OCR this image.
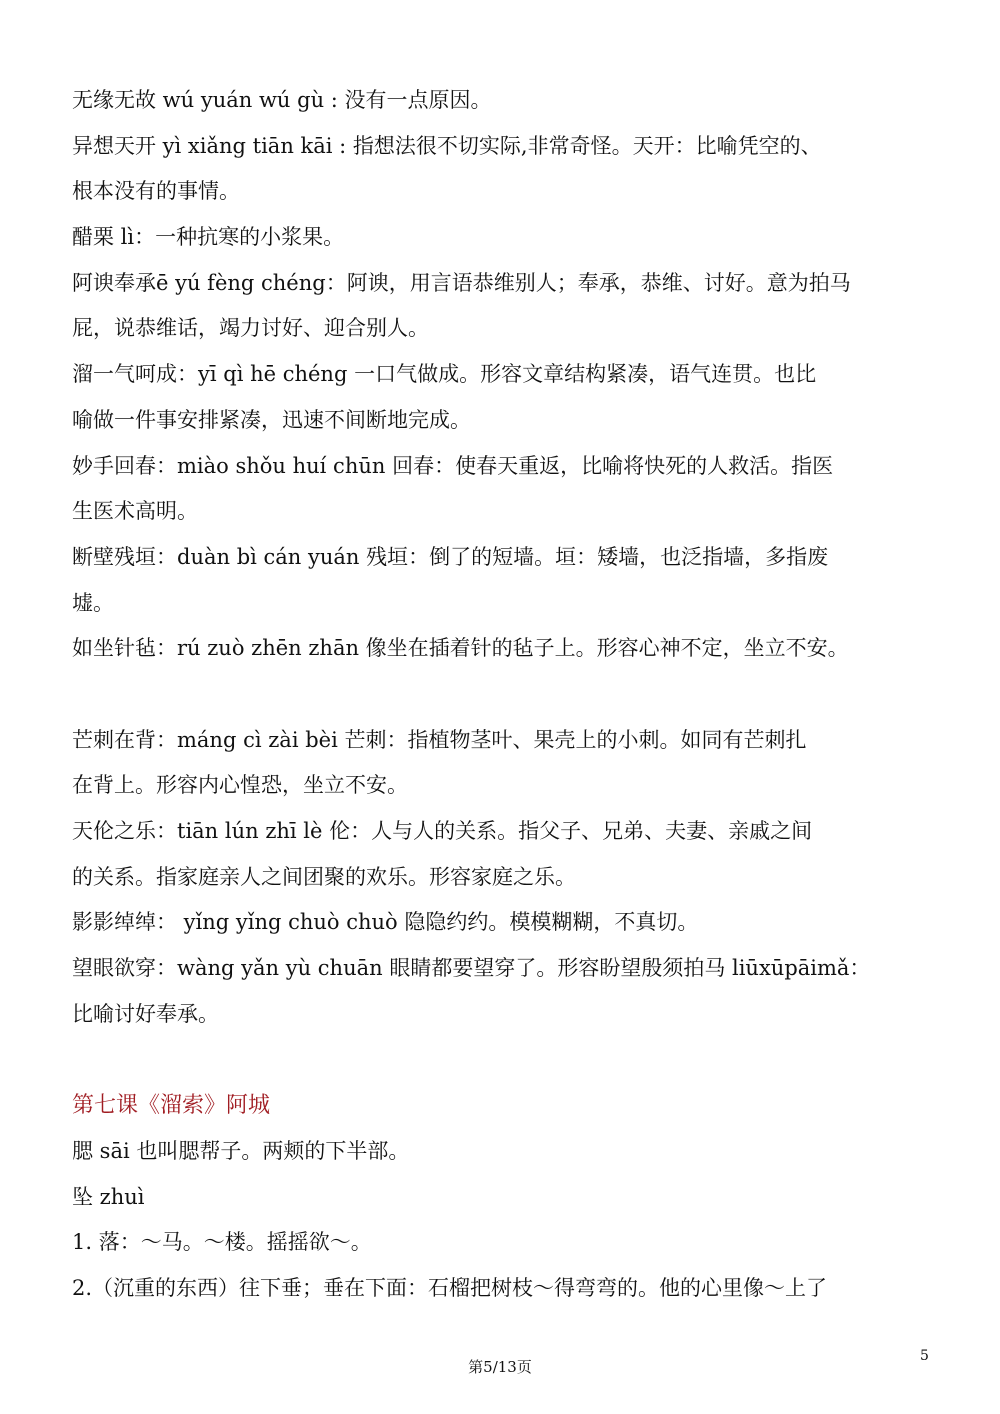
无缘无故 wú yuán wú gù : 没有一点原因。
异想天开 yì xiǎng tiān kāi : 指想法很不切实际,非常奇怪。天开：比喻凭空的、
根本没有的事情。
醋栗 lì：一种抗寒的小浆果。
阿谀奉承ē yú fèng chéng：阿谀，用言语恭维别人；奉承，恭维、讨好。意为拍马
屁，说恭维话，竭力讨好、迎合别人。
溜一气呵成：yī qì hē chéng 一口气做成。形容文章结构紧凑，语气连贯。也比
喻做一件事安排紧凑，迅速不间断地完成。
妙手回春：miào shǒu huí chūn 回春：使春天重返，比喻将快死的人救活。指医
生医术高明。
断壁残垣：duàn bì cán yuán 残垣：倒了的短墙。垣：矮墙，也泛指墙，多指废
墟。
如坐针毡：rú zuò zhēn zhān 像坐在插着针的毡子上。形容心神不定，坐立不安。
芒刺在背：máng cì zài bèi 芒刺：指植物茎叶、果壳上的小刺。如同有芒刺扎
在背上。形容内心惶恐，坐立不安。
天伦之乐：tiān lún zhī lè 伦：人与人的关系。指父子、兄弟、夫妻、亲戚之间
的关系。指家庭亲人之间团聚的欢乐。形容家庭之乐。
影影绰绰： yǐng yǐng chuò chuò 隐隐约约。模模糊糊，不真切。
望眼欲穿：wàng yǎn yù chuān 眼睛都要望穿了。形容盼望殷须拍马 liūxūpāimǎ：
比喻讨好奉承。
第七课《溜索》阿城
腮 sāi 也叫腮帮子。两颊的下半部。
坠 zhuì
1. 落：～马。～楼。摇摇欲～。
2.（沉重的东西）往下垂；垂在下面：石榴把树枝～得弯弯的。他的心里像～上了
第5/13页
5
